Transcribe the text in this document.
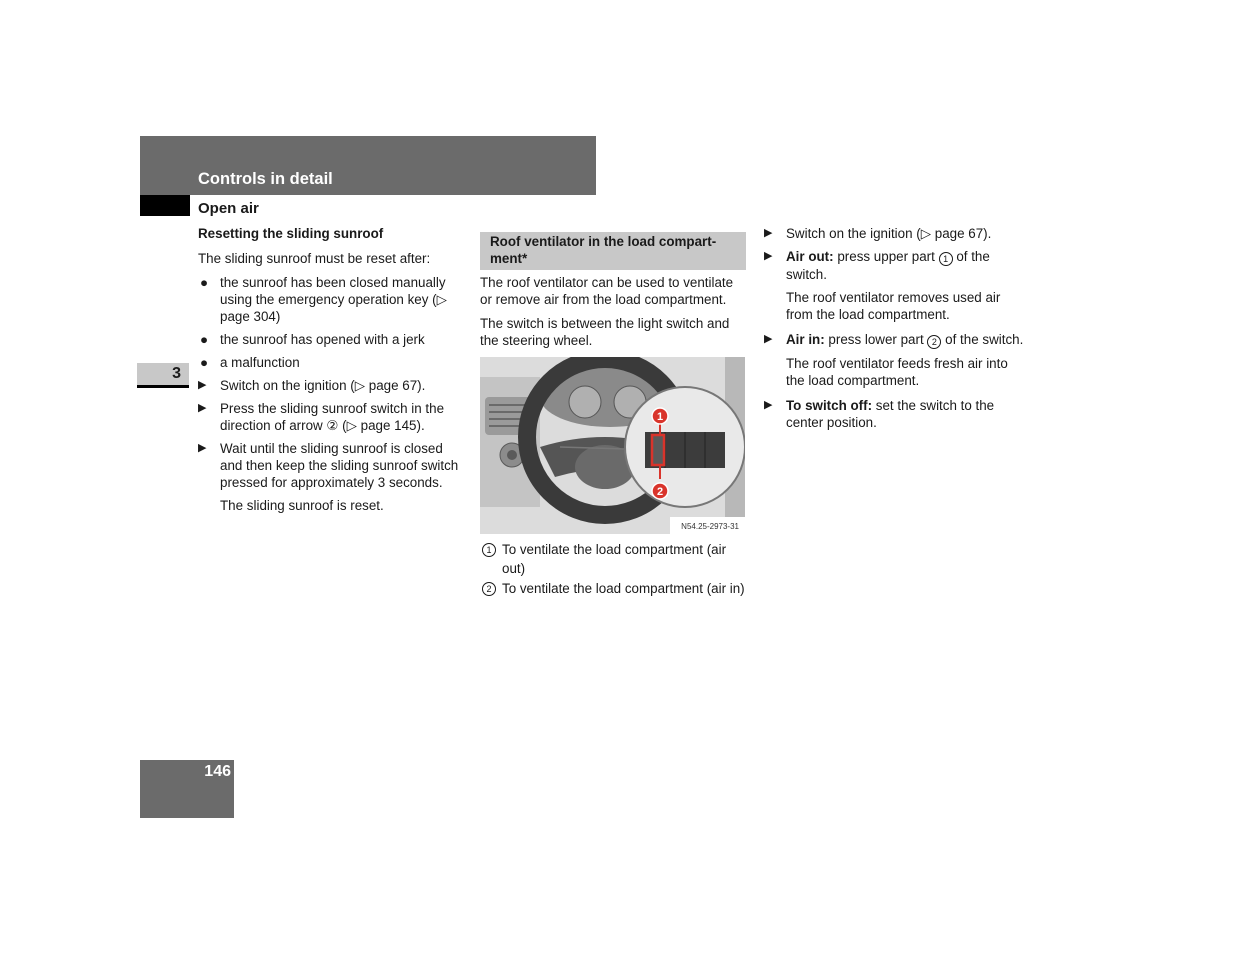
Controls in detail
Open air
3
Resetting the sliding sunroof
The sliding sunroof must be reset after:
● the sunroof has been closed manually using the emergency operation key (▷ page 304)
● the sunroof has opened with a jerk
● a malfunction
▶ Switch on the ignition (▷ page 67).
▶ Press the sliding sunroof switch in the direction of arrow ② (▷ page 145).
▶ Wait until the sliding sunroof is closed and then keep the sliding sunroof switch pressed for approximately 3 seconds.
The sliding sunroof is reset.
Roof ventilator in the load compart-ment*
The roof ventilator can be used to ventilate or remove air from the load compartment.
The switch is between the light switch and the steering wheel.
1
2
N54.25-2973-31
1 To ventilate the load compartment (air out)
2 To ventilate the load compartment (air in)
▶ Switch on the ignition (▷ page 67).
▶ Air out: press upper part 1 of the switch.
The roof ventilator removes used air from the load compartment.
▶ Air in: press lower part 2 of the switch.
The roof ventilator feeds fresh air into the load compartment.
▶ To switch off: set the switch to the center position.
146
